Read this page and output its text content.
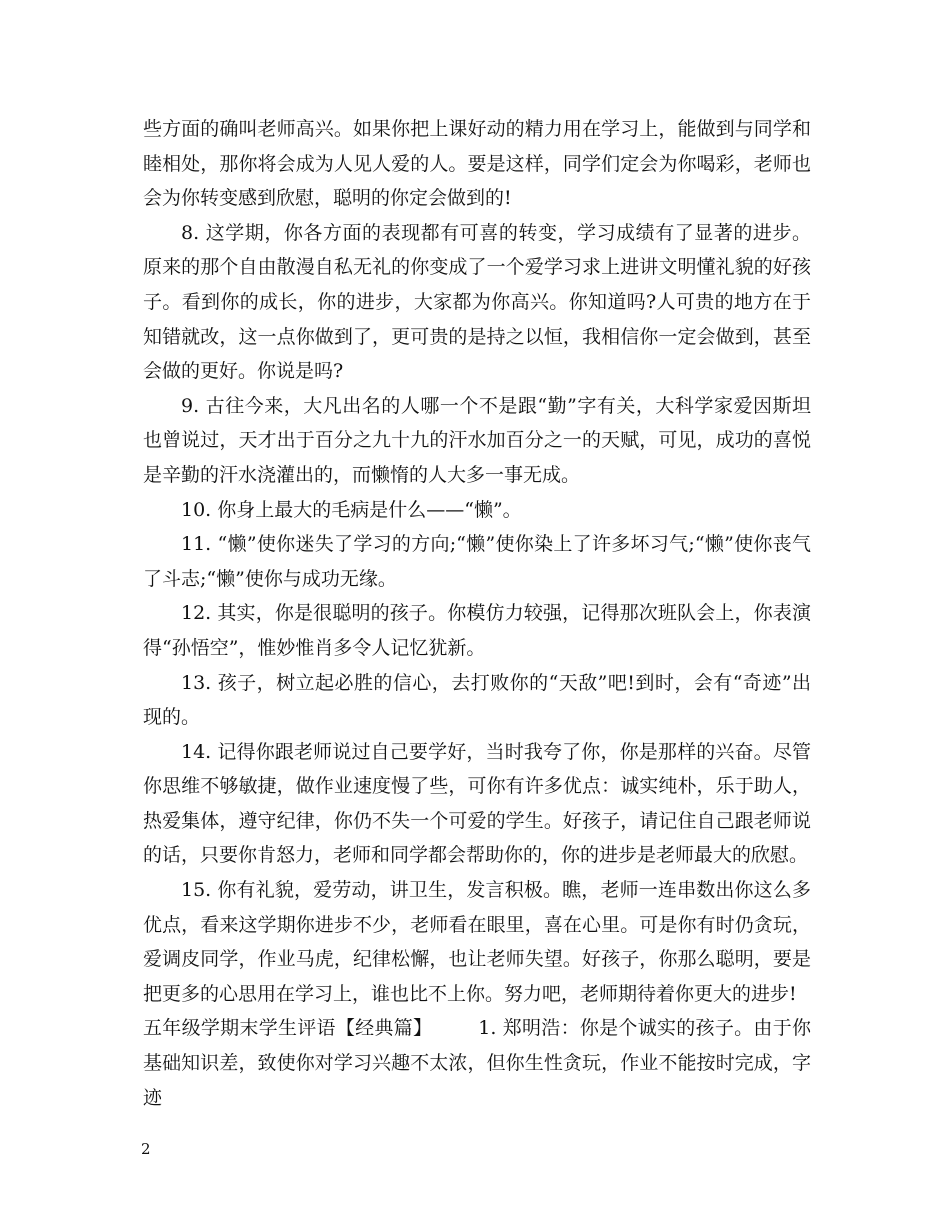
些方面的确叫老师高兴。如果你把上课好动的精力用在学习上，能做到与同学和睦相处，那你将会成为人见人爱的人。要是这样，同学们定会为你喝彩，老师也会为你转变感到欣慰，聪明的你定会做到的!

8. 这学期，你各方面的表现都有可喜的转变，学习成绩有了显著的进步。原来的那个自由散漫自私无礼的你变成了一个爱学习求上进讲文明懂礼貌的好孩子。看到你的成长，你的进步，大家都为你高兴。你知道吗?人可贵的地方在于知错就改，这一点你做到了，更可贵的是持之以恒，我相信你一定会做到，甚至会做的更好。你说是吗?

9. 古往今来，大凡出名的人哪一个不是跟“勤”字有关，大科学家爱因斯坦也曾说过，天才出于百分之九十九的汗水加百分之一的天赋，可见，成功的喜悦是辛勤的汗水浇灌出的，而懒惰的人大多一事无成。

10. 你身上最大的毛病是什么——“懒”。

11. “懒”使你迷失了学习的方向;“懒”使你染上了许多坏习气;“懒”使你丧气了斗志;“懒”使你与成功无缘。

12. 其实，你是很聪明的孩子。你模仿力较强，记得那次班队会上，你表演得“孙悟空”，惟妙惟肖多令人记忆犹新。

13. 孩子，树立起必胜的信心，去打败你的“天敌”吧!到时，会有“奇迹”出现的。

14. 记得你跟老师说过自己要学好，当时我夸了你，你是那样的兴奋。尽管你思维不够敏捷，做作业速度慢了些，可你有许多优点：诚实纯朴，乐于助人，热爱集体，遵守纪律，你仍不失一个可爱的学生。好孩子，请记住自己跟老师说的话，只要你肯怒力，老师和同学都会帮助你的，你的进步是老师最大的欣慰。

15. 你有礼貌，爱劳动，讲卫生，发言积极。瞧，老师一连串数出你这么多优点，看来这学期你进步不少，老师看在眼里，喜在心里。可是你有时仍贪玩，爱调皮同学，作业马虎，纪律松懈，也让老师失望。好孩子，你那么聪明，要是把更多的心思用在学习上，谁也比不上你。努力吧，老师期待着你更大的进步!

五年级学期末学生评语【经典篇】 1. 郑明浩：你是个诚实的孩子。由于你基础知识差，致使你对学习兴趣不太浓，但你生性贪玩，作业不能按时完成，字迹

2
